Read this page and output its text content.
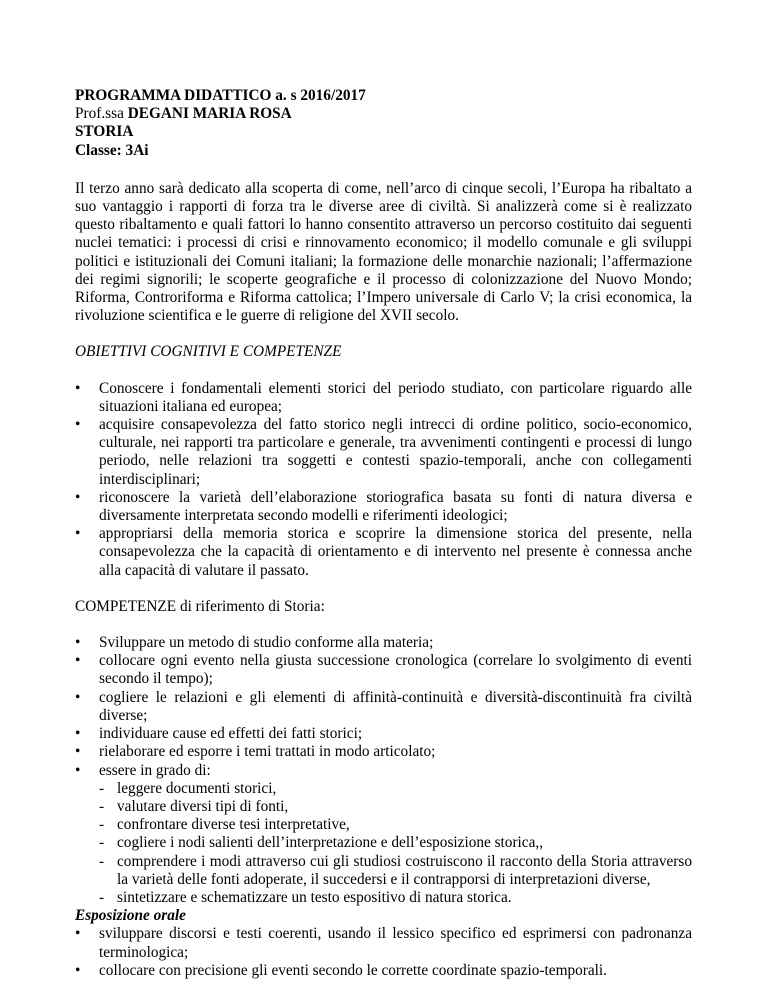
PROGRAMMA DIDATTICO a. s 2016/2017

Prof.ssa DEGANI MARIA ROSA

STORIA

Classe: 3Ai

Il terzo anno sarà dedicato alla scoperta di come, nell’arco di cinque secoli, l’Europa ha ribaltato a suo vantaggio i rapporti di forza tra le diverse aree di civiltà. Si analizzerà come si è realizzato questo ribaltamento e quali fattori lo hanno consentito attraverso un percorso costituito dai seguenti nuclei tematici: i processi di crisi e rinnovamento economico; il modello comunale e gli sviluppi politici e istituzionali dei Comuni italiani; la formazione delle monarchie nazionali; l’affermazione dei regimi signorili; le scoperte geografiche e il processo di colonizzazione del Nuovo Mondo; Riforma, Controriforma e Riforma cattolica; l’Impero universale di Carlo V; la crisi economica, la rivoluzione scientifica e le guerre di religione del XVII secolo.

OBIETTIVI COGNITIVI E COMPETENZE

• Conoscere i fondamentali elementi storici del periodo studiato, con particolare riguardo alle situazioni italiana ed europea;
• acquisire consapevolezza del fatto storico negli intrecci di ordine politico, socio-economico, culturale, nei rapporti tra particolare e generale, tra avvenimenti contingenti e processi di lungo periodo, nelle relazioni tra soggetti e contesti spazio-temporali, anche con collegamenti interdisciplinari;
• riconoscere la varietà dell’elaborazione storiografica basata su fonti di natura diversa e diversamente interpretata secondo modelli e riferimenti ideologici;
• appropriarsi della memoria storica e scoprire la dimensione storica del presente, nella consapevolezza che la capacità di orientamento e di intervento nel presente è connessa anche alla capacità di valutare il passato.

COMPETENZE di riferimento di Storia:

• Sviluppare un metodo di studio conforme alla materia;
• collocare ogni evento nella giusta successione cronologica (correlare lo svolgimento di eventi secondo il tempo);
• cogliere le relazioni e gli elementi di affinità-continuità e diversità-discontinuità fra civiltà diverse;
• individuare cause ed effetti dei fatti storici;
• rielaborare ed esporre i temi trattati in modo articolato;
• essere in grado di:
- leggere documenti storici,
- valutare diversi tipi di fonti,
- confrontare diverse tesi interpretative,
- cogliere i nodi salienti dell’interpretazione e dell’esposizione storica,,
- comprendere i modi attraverso cui gli studiosi costruiscono il racconto della Storia attraverso la varietà delle fonti adoperate, il succedersi e il contrapporsi di interpretazioni diverse,
- sintetizzare e schematizzare un testo espositivo di natura storica.

Esposizione orale

• sviluppare discorsi e testi coerenti, usando il lessico specifico ed esprimersi con padronanza terminologica;
• collocare con precisione gli eventi secondo le corrette coordinate spazio-temporali.
